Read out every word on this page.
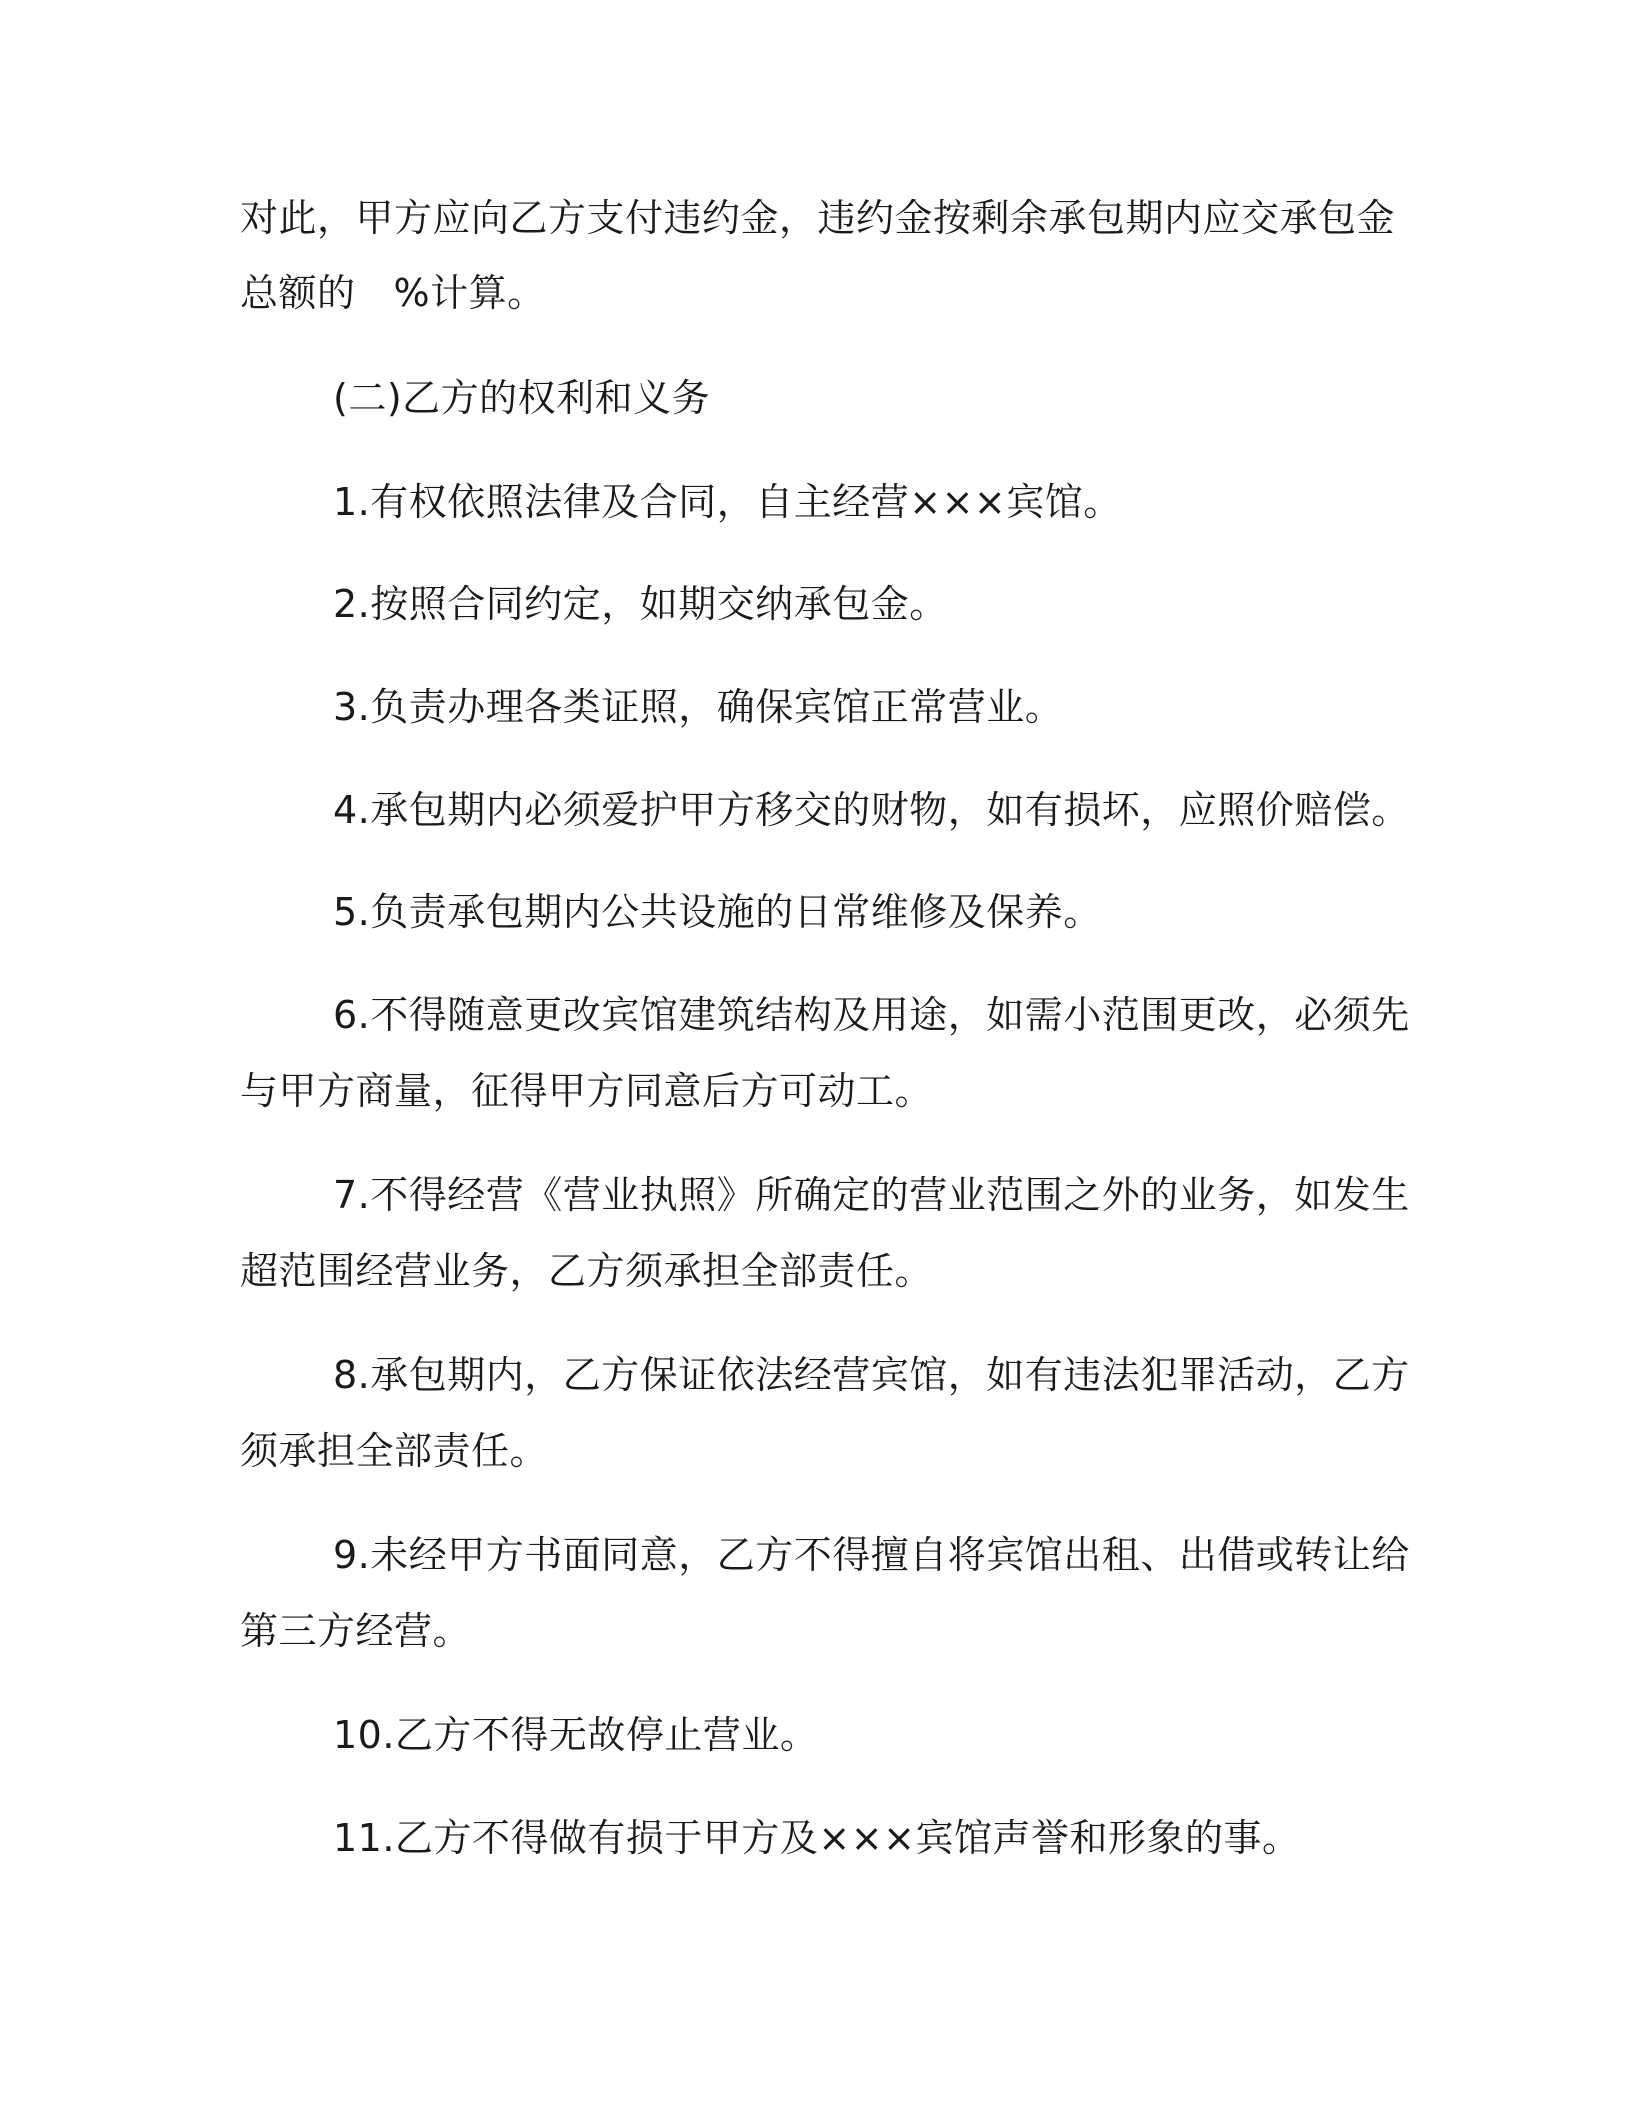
对此，甲方应向乙方支付违约金，违约金按剩余承包期内应交承包金
总额的 %计算。
(二)乙方的权利和义务
1.有权依照法律及合同，自主经营×××宾馆。
2.按照合同约定，如期交纳承包金。
3.负责办理各类证照，确保宾馆正常营业。
4.承包期内必须爱护甲方移交的财物，如有损坏，应照价赔偿。
5.负责承包期内公共设施的日常维修及保养。
6.不得随意更改宾馆建筑结构及用途，如需小范围更改，必须先
与甲方商量，征得甲方同意后方可动工。
7.不得经营《营业执照》所确定的营业范围之外的业务，如发生
超范围经营业务，乙方须承担全部责任。
8.承包期内，乙方保证依法经营宾馆，如有违法犯罪活动，乙方
须承担全部责任。
9.未经甲方书面同意，乙方不得擅自将宾馆出租、出借或转让给
第三方经营。
10.乙方不得无故停止营业。
11.乙方不得做有损于甲方及×××宾馆声誉和形象的事。
